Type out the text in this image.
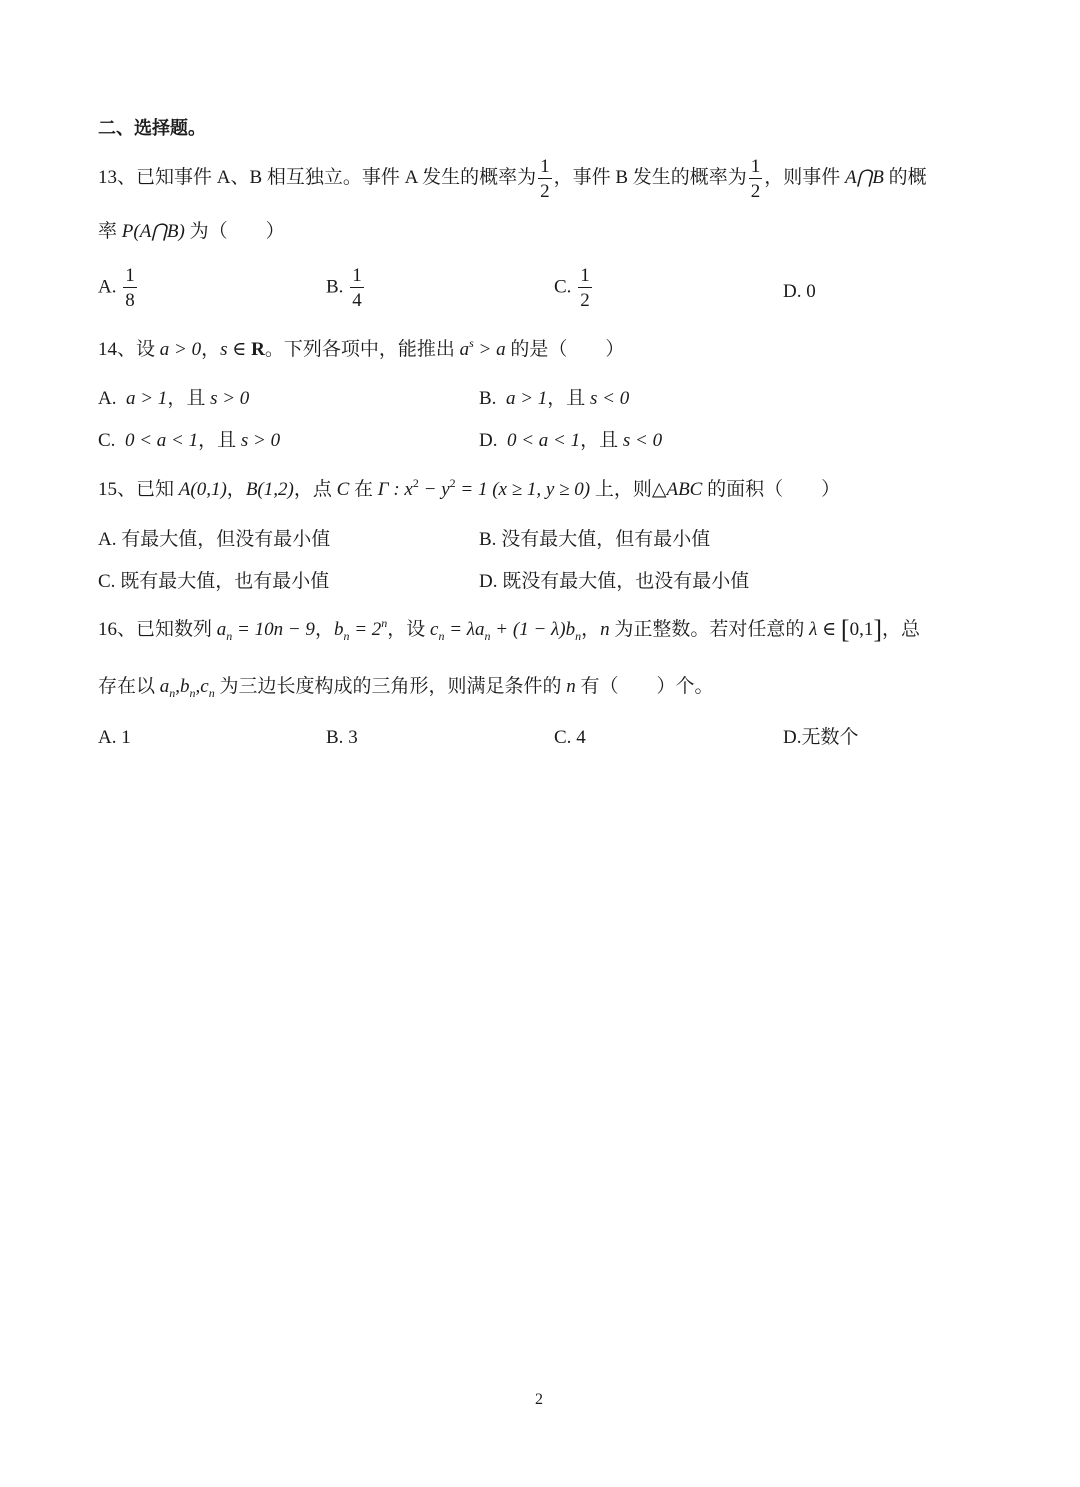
二、选择题。
13、已知事件 A、B 相互独立。事件 A 发生的概率为 $\frac{1}{2}$ ，事件 B 发生的概率为 $\frac{1}{2}$ ，则事件 A⋂B 的概
率 P(A⋂B) 为（　　）
A. $\frac{1}{8}$	B. $\frac{1}{4}$	C. $\frac{1}{2}$	D. 0
14、设 a > 0，s ∈ R。下列各项中，能推出 $a^s > a$ 的是（　　）
A. a > 1，且 s > 0	B. a > 1，且 s < 0
C. 0 < a < 1，且 s > 0	D. 0 < a < 1，且 s < 0
15、已知 A(0,1)，B(1,2)，点 C 在 Γ : $x^2 - y^2 = 1$ (x ≥ 1, y ≥ 0) 上，则△ABC 的面积（　　）
A. 有最大值，但没有最小值	B. 没有最大值，但有最小值
C. 既有最大值，也有最小值	D. 既没有最大值，也没有最小值
16、已知数列 $a_n = 10n - 9$，$b_n = 2^n$，设 $c_n = \lambda a_n + (1 - \lambda)b_n$，n 为正整数。若对任意的 λ ∈ [0,1]，总
存在以 $a_n,b_n,c_n$ 为三边长度构成的三角形，则满足条件的 n 有（　　）个。
A. 1	B. 3	C. 4	D.无数个
2
